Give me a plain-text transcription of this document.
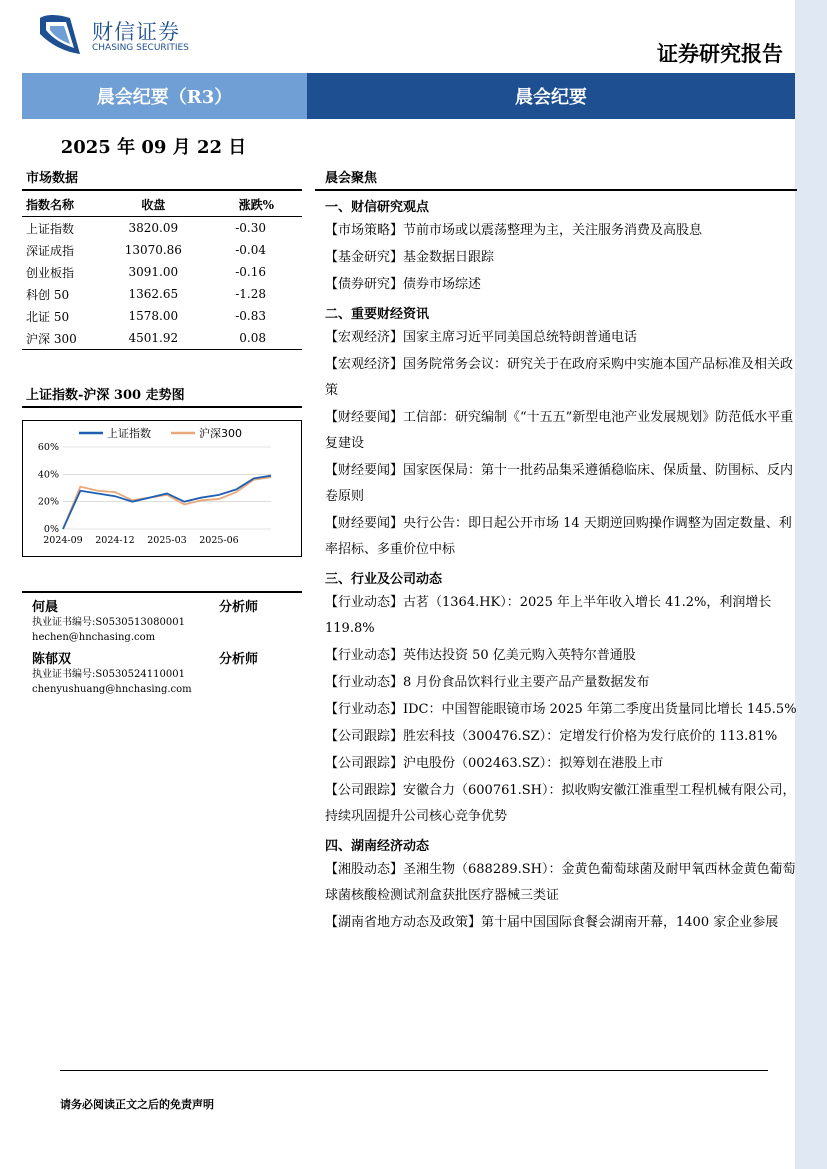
财信证券
CHASING SECURITIES	证券研究报告
晨会纪要（R3）	晨会纪要
2025 年 09 月 22 日
市场数据
指数名称	收盘	涨跌%
上证指数	3820.09	-0.30
深证成指	13070.86	-0.04
创业板指	3091.00	-0.16
科创 50	1362.65	-1.28
北证 50	1578.00	-0.83
沪深 300	4501.92	0.08
上证指数-沪深 300 走势图
0%
20%
40%
60%
2024-09 2024-12 2025-03 2025-06
上证指数	沪深300
何晨	分析师
执业证书编号:S0530513080001
hechen@hnchasing.com
陈郁双	分析师
执业证书编号:S0530524110001
chenyushuang@hnchasing.com
晨会聚焦
一、财信研究观点
【市场策略】节前市场或以震荡整理为主，关注服务消费及高股息
【基金研究】基金数据日跟踪
【债券研究】债券市场综述
二、重要财经资讯
【宏观经济】国家主席习近平同美国总统特朗普通电话
【宏观经济】国务院常务会议：研究关于在政府采购中实施本国产品标准及相关政策
【财经要闻】工信部：研究编制《“十五五”新型电池产业发展规划》防范低水平重复建设
【财经要闻】国家医保局：第十一批药品集采遵循稳临床、保质量、防围标、反内卷原则
【财经要闻】央行公告：即日起公开市场 14 天期逆回购操作调整为固定数量、利率招标、多重价位中标
三、行业及公司动态
【行业动态】古茗（1364.HK）：2025 年上半年收入增长 41.2%，利润增长 119.8%
【行业动态】英伟达投资 50 亿美元购入英特尔普通股
【行业动态】8 月份食品饮料行业主要产品产量数据发布
【行业动态】IDC：中国智能眼镜市场 2025 年第二季度出货量同比增长 145.5%
【公司跟踪】胜宏科技（300476.SZ）：定增发行价格为发行底价的 113.81%
【公司跟踪】沪电股份（002463.SZ）：拟筹划在港股上市
【公司跟踪】安徽合力（600761.SH）：拟收购安徽江淮重型工程机械有限公司，持续巩固提升公司核心竞争优势
四、湖南经济动态
【湘股动态】圣湘生物（688289.SH）：金黄色葡萄球菌及耐甲氧西林金黄色葡萄球菌核酸检测试剂盒获批医疗器械三类证
【湖南省地方动态及政策】第十届中国国际食餐会湖南开幕，1400 家企业参展
请务必阅读正文之后的免责声明
